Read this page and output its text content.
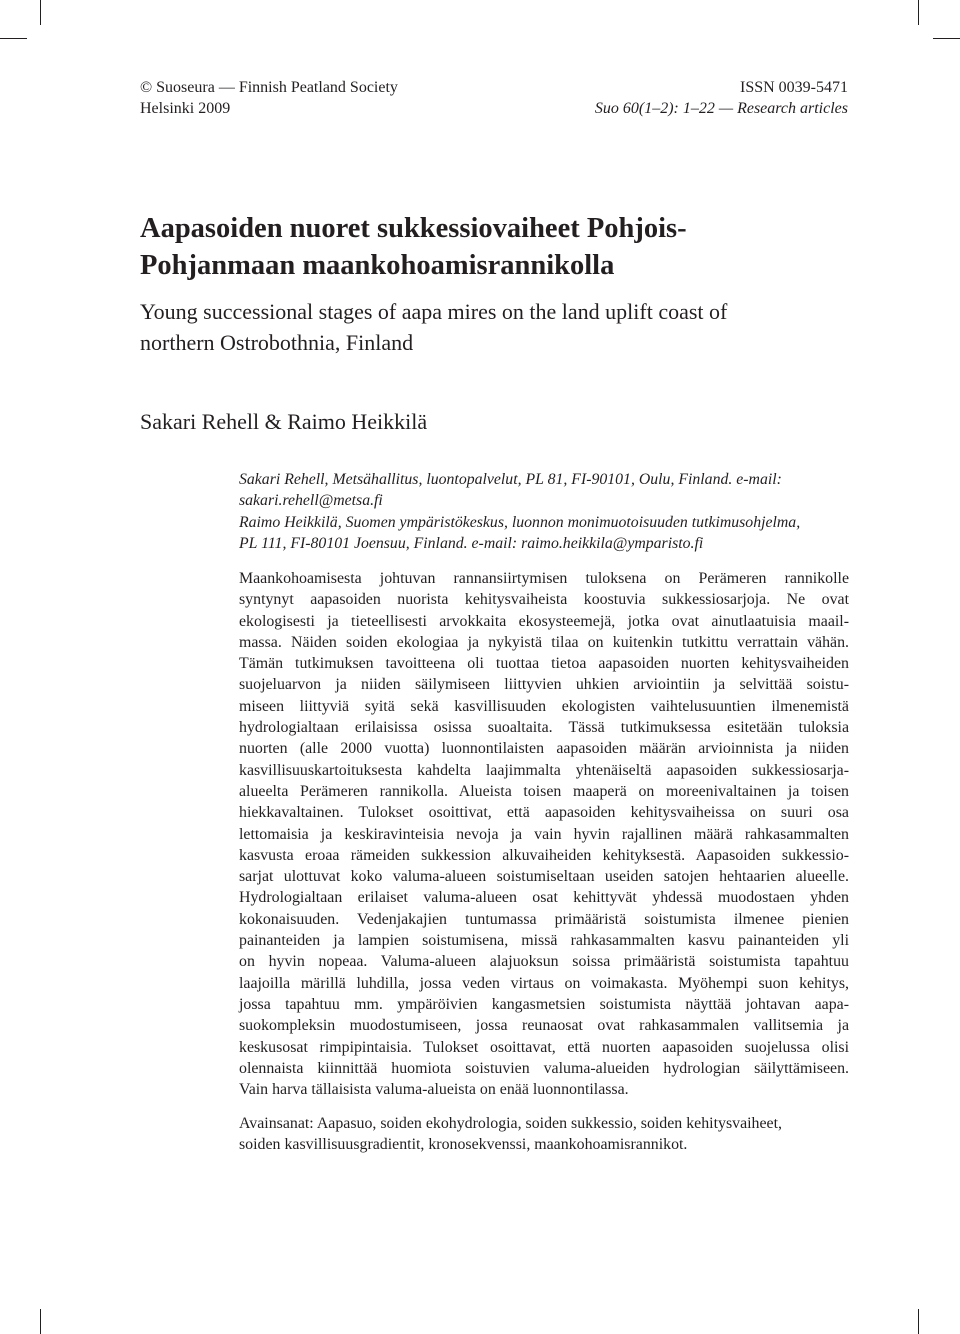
© Suoseura — Finnish Peatland Society	ISSN 0039-5471
Helsinki 2009	Suo 60(1–2): 1–22 — Research articles
Aapasoiden nuoret sukkessiovaiheet Pohjois-
Pohjanmaan maankohoamisrannikolla
Young successional stages of aapa mires on the land uplift coast of
northern Ostrobothnia, Finland
Sakari Rehell & Raimo Heikkilä
Sakari Rehell, Metsähallitus, luontopalvelut, PL 81, FI-90101, Oulu, Finland. e-mail:
sakari.rehell@metsa.fi
Raimo Heikkilä, Suomen ympäristökeskus, luonnon monimuotoisuuden tutkimusohjelma,
PL 111, FI-80101 Joensuu, Finland. e-mail: raimo.heikkila@ymparisto.fi
Maankohoamisesta johtuvan rannansiirtymisen tuloksena on Perämeren rannikolle
syntynyt aapasoiden nuorista kehitysvaiheista koostuvia sukkessiosarjoja. Ne ovat
ekologisesti ja tieteellisesti arvokkaita ekosysteemejä, jotka ovat ainutlaatuisia maail-
massa. Näiden soiden ekologiaa ja nykyistä tilaa on kuitenkin tutkittu verrattain vähän.
Tämän tutkimuksen tavoitteena oli tuottaa tietoa aapasoiden nuorten kehitysvaiheiden
suojeluarvon ja niiden säilymiseen liittyvien uhkien arviointiin ja selvittää soistu-
miseen liittyviä syitä sekä kasvillisuuden ekologisten vaihtelusuuntien ilmenemistä
hydrologialtaan erilaisissa osissa suoaltaita. Tässä tutkimuksessa esitetään tuloksia
nuorten (alle 2000 vuotta) luonnontilaisten aapasoiden määrän arvioinnista ja niiden
kasvillisuuskartoituksesta kahdelta laajimmalta yhtenäiseltä aapasoiden sukkessiosarja-
alueelta Perämeren rannikolla. Alueista toisen maaperä on moreenivaltainen ja toisen
hiekkavaltainen. Tulokset osoittivat, että aapasoiden kehitysvaiheissa on suuri osa
lettomaisia ja keskiravinteisia nevoja ja vain hyvin rajallinen määrä rahkasammalten
kasvusta eroaa rämeiden sukkession alkuvaiheiden kehityksestä. Aapasoiden sukkessio-
sarjat ulottuvat koko valuma-alueen soistumiseltaan useiden satojen hehtaarien alueelle.
Hydrologialtaan erilaiset valuma-alueen osat kehittyvät yhdessä muodostaen yhden
kokonaisuuden. Vedenjakajien tuntumassa primääristä soistumista ilmenee pienien
painanteiden ja lampien soistumisena, missä rahkasammalten kasvu painanteiden yli
on hyvin nopeaa. Valuma-alueen alajuoksun soissa primääristä soistumista tapahtuu
laajoilla märillä luhdilla, jossa veden virtaus on voimakasta. Myöhempi suon kehitys,
jossa tapahtuu mm. ympäröivien kangasmetsien soistumista näyttää johtavan aapa-
suokompleksin muodostumiseen, jossa reunaosat ovat rahkasammalen vallitsemia ja
keskusosat rimpipintaisia. Tulokset osoittavat, että nuorten aapasoiden suojelussa olisi
olennaista kiinnittää huomiota soistuvien valuma-alueiden hydrologian säilyttämiseen.
Vain harva tällaisista valuma-alueista on enää luonnontilassa.
Avainsanat: Aapasuo, soiden ekohydrologia, soiden sukkessio, soiden kehitysvaiheet,
soiden kasvillisuusgradientit, kronosekvenssi, maankohoamisrannikot.
